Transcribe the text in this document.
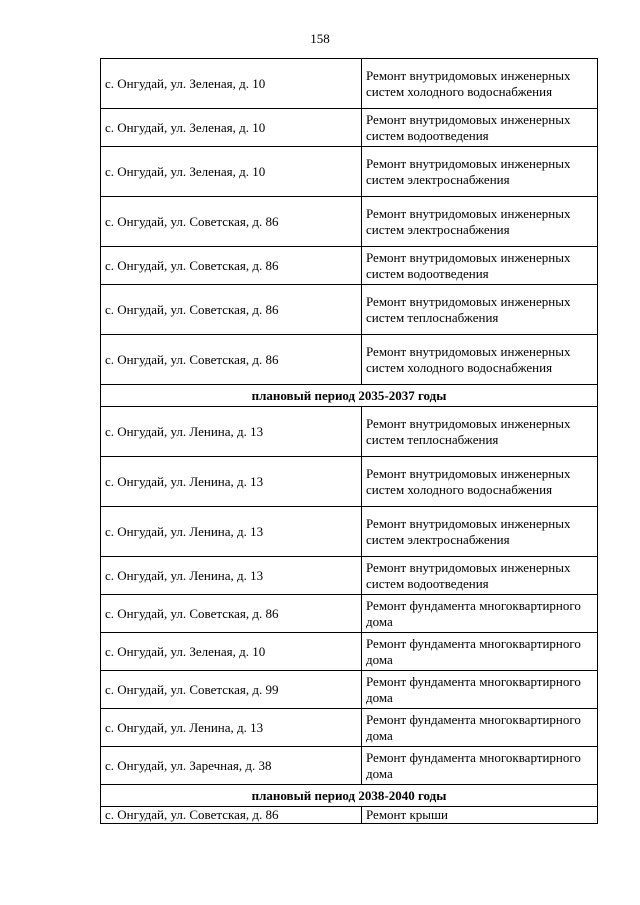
158
с. Онгудай, ул. Зеленая, д. 10	Ремонт внутридомовых инженерных систем холодного водоснабжения
с. Онгудай, ул. Зеленая, д. 10	Ремонт внутридомовых инженерных систем водоотведения
с. Онгудай, ул. Зеленая, д. 10	Ремонт внутридомовых инженерных систем электроснабжения
с. Онгудай, ул. Советская, д. 86	Ремонт внутридомовых инженерных систем электроснабжения
с. Онгудай, ул. Советская, д. 86	Ремонт внутридомовых инженерных систем водоотведения
с. Онгудай, ул. Советская, д. 86	Ремонт внутридомовых инженерных систем теплоснабжения
с. Онгудай, ул. Советская, д. 86	Ремонт внутридомовых инженерных систем холодного водоснабжения
плановый период 2035-2037 годы	
с. Онгудай, ул. Ленина, д. 13	Ремонт внутридомовых инженерных систем теплоснабжения
с. Онгудай, ул. Ленина, д. 13	Ремонт внутридомовых инженерных систем холодного водоснабжения
с. Онгудай, ул. Ленина, д. 13	Ремонт внутридомовых инженерных систем электроснабжения
с. Онгудай, ул. Ленина, д. 13	Ремонт внутридомовых инженерных систем водоотведения
с. Онгудай, ул. Советская, д. 86	Ремонт фундамента многоквартирного дома
с. Онгудай, ул. Зеленая, д. 10	Ремонт фундамента многоквартирного дома
с. Онгудай, ул. Советская, д. 99	Ремонт фундамента многоквартирного дома
с. Онгудай, ул. Ленина, д. 13	Ремонт фундамента многоквартирного дома
с. Онгудай, ул. Заречная, д. 38	Ремонт фундамента многоквартирного дома
плановый период 2038-2040 годы	
с. Онгудай, ул. Советская, д. 86	Ремонт крыши
